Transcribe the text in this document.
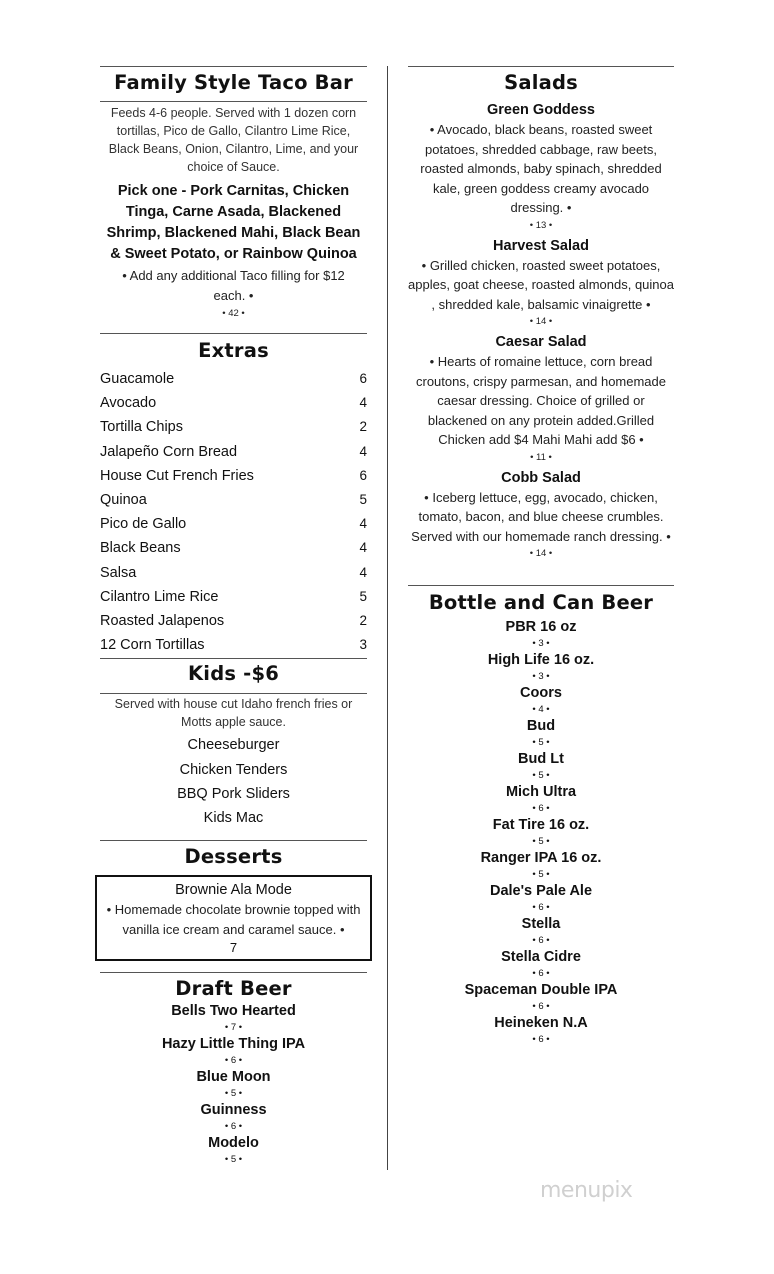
Family Style Taco Bar
Feeds 4-6 people. Served with 1 dozen corn tortillas, Pico de Gallo, Cilantro Lime Rice, Black Beans, Onion, Cilantro, Lime, and your choice of Sauce.
Pick one - Pork Carnitas, Chicken Tinga, Carne Asada, Blackened Shrimp, Blackened Mahi, Black Bean & Sweet Potato, or Rainbow Quinoa
• Add any additional Taco filling for $12 each. •
• 42 •
Extras
Guacamole	6
Avocado	4
Tortilla Chips	2
Jalapeño Corn Bread	4
House Cut French Fries	6
Quinoa	5
Pico de Gallo	4
Black Beans	4
Salsa	4
Cilantro Lime Rice	5
Roasted Jalapenos	2
12 Corn Tortillas	3
Kids -$6
Served with house cut Idaho french fries or Motts apple sauce.
Cheeseburger
Chicken Tenders
BBQ Pork Sliders
Kids Mac
Desserts
Brownie Ala Mode
• Homemade chocolate brownie topped with vanilla ice cream and caramel sauce. •
7
Draft Beer
Bells Two Hearted
• 7 •
Hazy Little Thing IPA
• 6 •
Blue Moon
• 5 •
Guinness
• 6 •
Modelo
• 5 •
Salads
Green Goddess
• Avocado, black beans, roasted sweet potatoes, shredded cabbage, raw beets, roasted almonds, baby spinach, shredded kale, green goddess creamy avocado dressing. •
• 13 •
Harvest Salad
• Grilled chicken, roasted sweet potatoes, apples, goat cheese, roasted almonds, quinoa , shredded kale, balsamic vinaigrette •
• 14 •
Caesar Salad
• Hearts of romaine lettuce, corn bread croutons, crispy parmesan, and homemade caesar dressing. Choice of grilled or blackened on any protein added.Grilled Chicken add $4 Mahi Mahi add $6 •
• 11 •
Cobb Salad
• Iceberg lettuce, egg, avocado, chicken, tomato, bacon, and blue cheese crumbles. Served with our homemade ranch dressing. •
• 14 •
Bottle and Can Beer
PBR 16 oz
• 3 •
High Life 16 oz.
• 3 •
Coors
• 4 •
Bud
• 5 •
Bud Lt
• 5 •
Mich Ultra
• 6 •
Fat Tire 16 oz.
• 5 •
Ranger IPA 16 oz.
• 5 •
Dale's Pale Ale
• 6 •
Stella
• 6 •
Stella Cidre
• 6 •
Spaceman Double IPA
• 6 •
Heineken N.A
• 6 •
menupix
